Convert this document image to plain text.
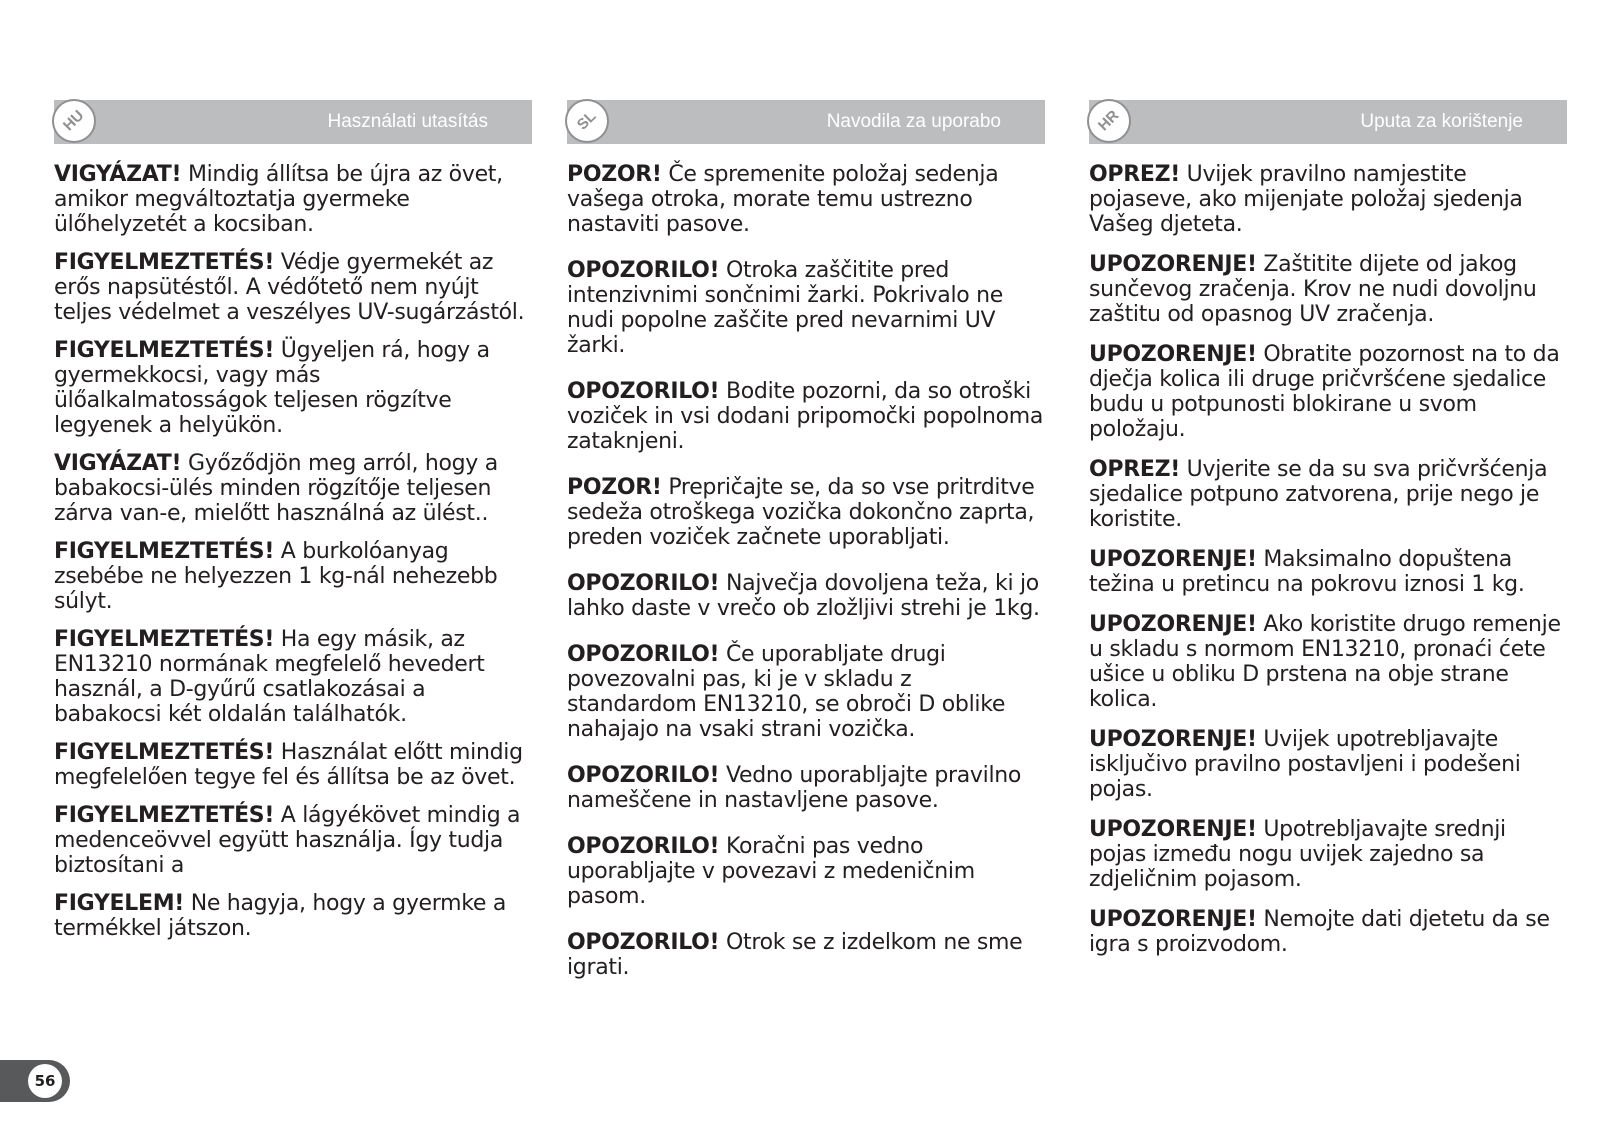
HU	Használati utasítás

VIGYÁZAT! Mindig állítsa be újra az övet, amikor megváltoztatja gyermeke ülőhelyzetét a kocsiban.

FIGYELMEZTETÉS! Védje gyermekét az erős napsütéstől. A védőtető nem nyújt teljes védelmet a veszélyes UV-sugárzástól.

FIGYELMEZTETÉS! Ügyeljen rá, hogy a gyermekkocsi, vagy más ülőalkalmatosságok teljesen rögzítve legyenek a helyükön.

VIGYÁZAT! Győződjön meg arról, hogy a babakocsi-ülés minden rögzítője teljesen zárva van-e, mielőtt használná az ülést..

FIGYELMEZTETÉS! A burkolóanyag zsebébe ne helyezzen 1 kg-nál nehezebb súlyt.

FIGYELMEZTETÉS! Ha egy másik, az EN13210 normának megfelelő hevedert használ, a D-gyűrű csatlakozásai a babakocsi két oldalán találhatók.

FIGYELMEZTETÉS! Használat előtt mindig megfelelően tegye fel és állítsa be az övet.

FIGYELMEZTETÉS! A lágyékövet mindig a medenceövvel együtt használja. Így tudja biztosítani a

FIGYELEM! Ne hagyja, hogy a gyermke a termékkel játszon.

SL	Navodila za uporabo

POZOR! Če spremenite položaj sedenja vašega otroka, morate temu ustrezno nastaviti pasove.

OPOZORILO! Otroka zaščitite pred intenzivnimi sončnimi žarki. Pokrivalo ne nudi popolne zaščite pred nevarnimi UV žarki.

OPOZORILO! Bodite pozorni, da so otroški voziček in vsi dodani pripomočki popolnoma zataknjeni.

POZOR! Prepričajte se, da so vse pritrditve sedeža otroškega vozička dokončno zaprta, preden voziček začnete uporabljati.

OPOZORILO! Največja dovoljena teža, ki jo lahko daste v vrečo ob zložljivi strehi je 1kg.

OPOZORILO! Če uporabljate drugi povezovalni pas, ki je v skladu z standardom EN13210, se obroči D oblike nahajajo na vsaki strani vozička.

OPOZORILO! Vedno uporabljajte pravilno nameščene in nastavljene pasove.

OPOZORILO! Koračni pas vedno uporabljajte v povezavi z medeničnim pasom.

OPOZORILO! Otrok se z izdelkom ne sme igrati.

HR	Uputa za korištenje

OPREZ! Uvijek pravilno namjestite pojaseve, ako mijenjate položaj sjedenja Vašeg djeteta.

UPOZORENJE! Zaštitite dijete od jakog sunčevog zračenja. Krov ne nudi dovoljnu zaštitu od opasnog UV zračenja.

UPOZORENJE! Obratite pozornost na to da dječja kolica ili druge pričvršćene sjedalice budu u potpunosti blokirane u svom položaju.

OPREZ! Uvjerite se da su sva pričvršćenja sjedalice potpuno zatvorena, prije nego je koristite.

UPOZORENJE! Maksimalno dopuštena težina u pretincu na pokrovu iznosi 1 kg.

UPOZORENJE! Ako koristite drugo remenje u skladu s normom EN13210, pronaći ćete ušice u obliku D prstena na obje strane kolica.

UPOZORENJE! Uvijek upotrebljavajte isključivo pravilno postavljeni i podešeni pojas.

UPOZORENJE! Upotrebljavajte srednji pojas između nogu uvijek zajedno sa zdjeličnim pojasom.

UPOZORENJE! Nemojte dati djetetu da se igra s proizvodom.

56
